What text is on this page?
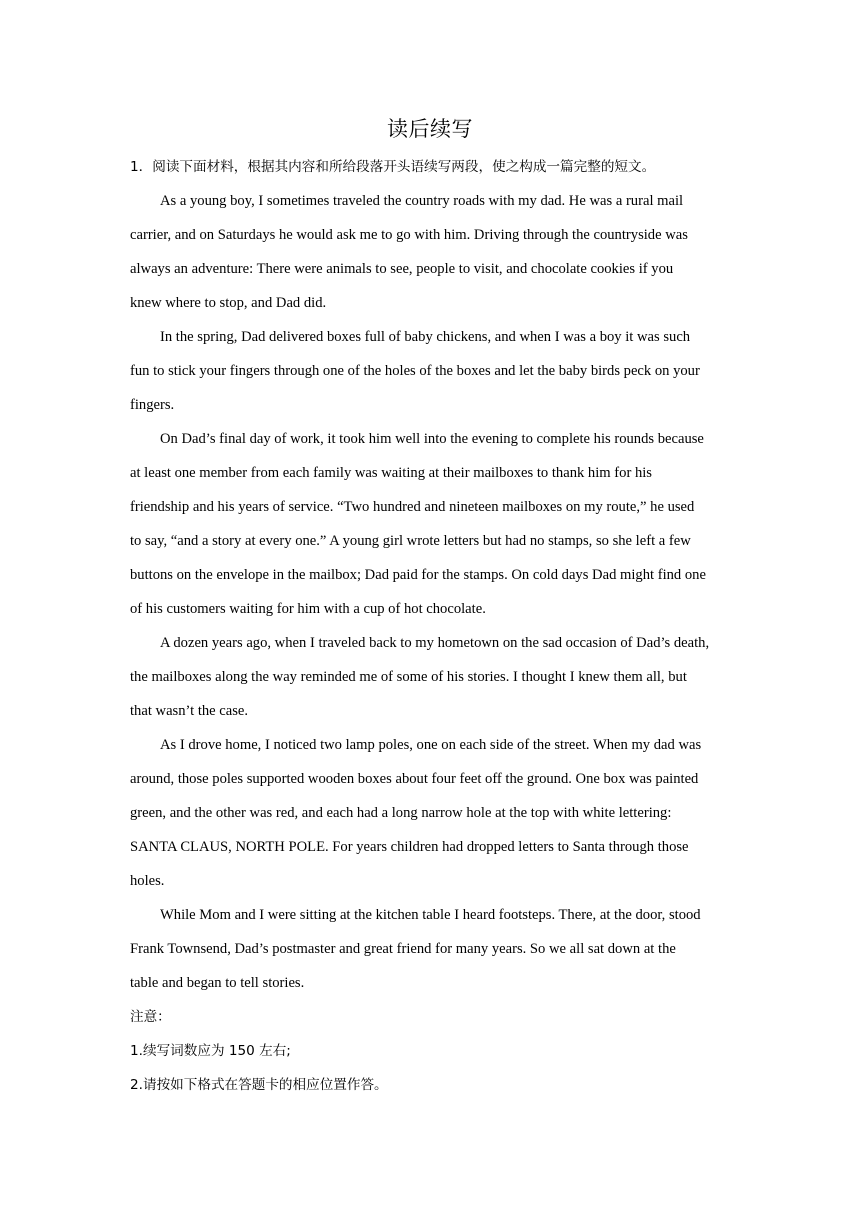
读后续写
1．阅读下面材料，根据其内容和所给段落开头语续写两段，使之构成一篇完整的短文。
As a young boy, I sometimes traveled the country roads with my dad. He was a rural mail
carrier, and on Saturdays he would ask me to go with him. Driving through the countryside was
always an adventure: There were animals to see, people to visit, and chocolate cookies if you
knew where to stop, and Dad did.
In the spring, Dad delivered boxes full of baby chickens, and when I was a boy it was such
fun to stick your fingers through one of the holes of the boxes and let the baby birds peck on your
fingers.
On Dad’s final day of work, it took him well into the evening to complete his rounds because
at least one member from each family was waiting at their mailboxes to thank him for his
friendship and his years of service. “Two hundred and nineteen mailboxes on my route,” he used
to say, “and a story at every one.” A young girl wrote letters but had no stamps, so she left a few
buttons on the envelope in the mailbox; Dad paid for the stamps. On cold days Dad might find one
of his customers waiting for him with a cup of hot chocolate.
A dozen years ago, when I traveled back to my hometown on the sad occasion of Dad’s death,
the mailboxes along the way reminded me of some of his stories. I thought I knew them all, but
that wasn’t the case.
As I drove home, I noticed two lamp poles, one on each side of the street. When my dad was
around, those poles supported wooden boxes about four feet off the ground. One box was painted
green, and the other was red, and each had a long narrow hole at the top with white lettering:
SANTA CLAUS, NORTH POLE. For years children had dropped letters to Santa through those
holes.
While Mom and I were sitting at the kitchen table I heard footsteps. There, at the door, stood
Frank Townsend, Dad’s postmaster and great friend for many years. So we all sat down at the
table and began to tell stories.
注意：
1.续写词数应为 150 左右;
2.请按如下格式在答题卡的相应位置作答。
